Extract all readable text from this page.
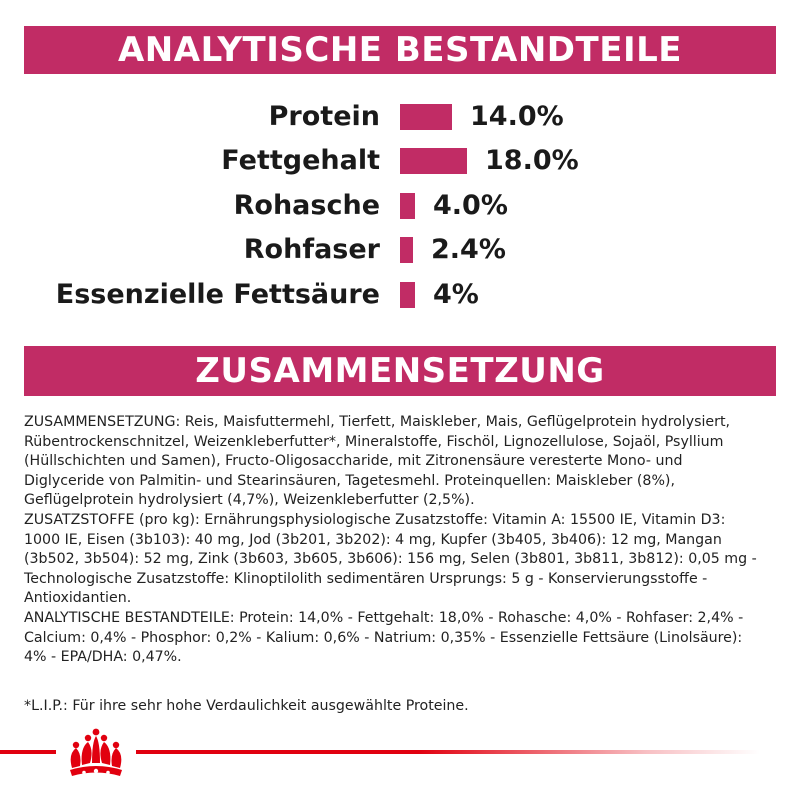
ANALYTISCHE BESTANDTEILE
Protein	14.0%
Fettgehalt	18.0%
Rohasche 4.0%
Rohfaser 2.4%
Essenzielle Fettsäure 4%
ZUSAMMENSETZUNG

ZUSAMMENSETZUNG: Reis, Maisfuttermehl, Tierfett, Maiskleber, Mais, Geflügelprotein hydrolysiert, Rübentrockenschnitzel, Weizenkleberfutter*, Mineralstoffe, Fischöl, Lignozellulose, Sojaöl, Psyllium (Hüllschichten und Samen), Fructo-Oligosaccharide, mit Zitronensäure veresterte Mono- und Diglyceride von Palmitin- und Stearinsäuren, Tagetesmehl. Proteinquellen: Maiskleber (8%), Geflügelprotein hydrolysiert (4,7%), Weizenkleberfutter (2,5%).

ZUSATZSTOFFE (pro kg): Ernährungsphysiologische Zusatzstoffe: Vitamin A: 15500 IE, Vitamin D3: 1000 IE, Eisen (3b103): 40 mg, Jod (3b201, 3b202): 4 mg, Kupfer (3b405, 3b406): 12 mg, Mangan (3b502, 3b504): 52 mg, Zink (3b603, 3b605, 3b606): 156 mg, Selen (3b801, 3b811, 3b812): 0,05 mg - Technologische Zusatzstoffe: Klinoptilolith sedimentären Ursprungs: 5 g - Konservierungsstoffe - Antioxidantien.

ANALYTISCHE BESTANDTEILE: Protein: 14,0% - Fettgehalt: 18,0% - Rohasche: 4,0% - Rohfaser: 2,4% - Calcium: 0,4% - Phosphor: 0,2% - Kalium: 0,6% - Natrium: 0,35% - Essenzielle Fettsäure (Linolsäure): 4% - EPA/DHA: 0,47%.

*L.I.P.: Für ihre sehr hohe Verdaulichkeit ausgewählte Proteine.
